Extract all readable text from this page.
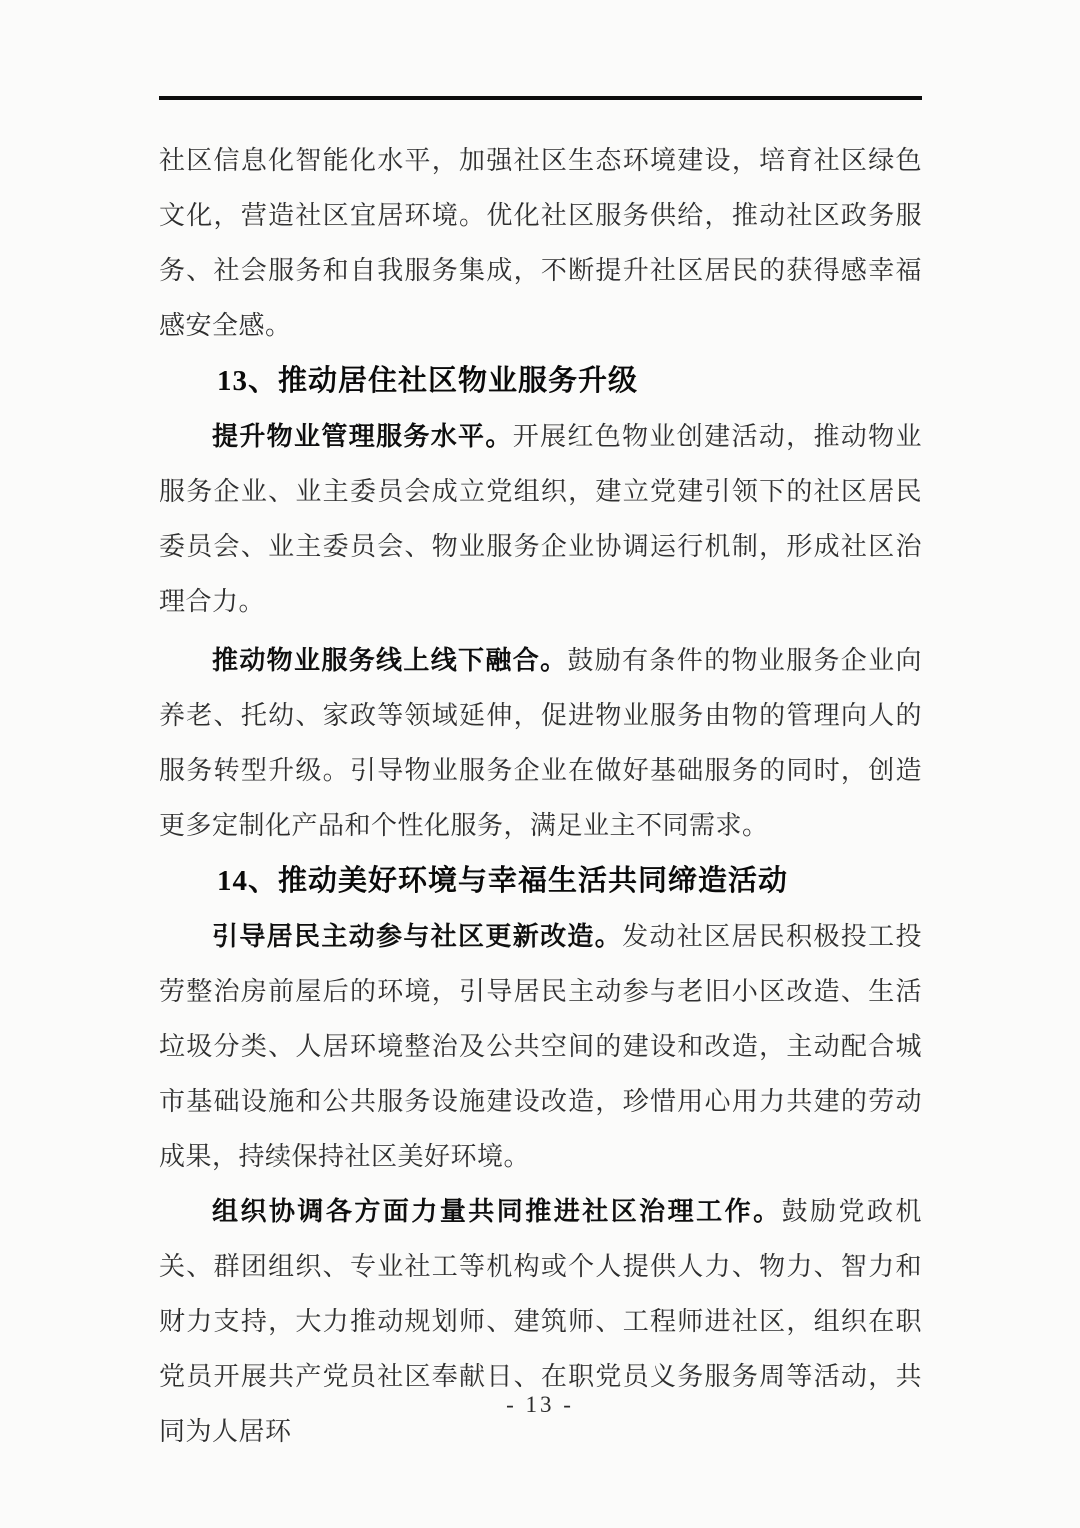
社区信息化智能化水平，加强社区生态环境建设，培育社区绿色文化，营造社区宜居环境。优化社区服务供给，推动社区政务服务、社会服务和自我服务集成，不断提升社区居民的获得感幸福感安全感。

13、推动居住社区物业服务升级

提升物业管理服务水平。开展红色物业创建活动，推动物业服务企业、业主委员会成立党组织，建立党建引领下的社区居民委员会、业主委员会、物业服务企业协调运行机制，形成社区治理合力。

推动物业服务线上线下融合。鼓励有条件的物业服务企业向养老、托幼、家政等领域延伸，促进物业服务由物的管理向人的服务转型升级。引导物业服务企业在做好基础服务的同时，创造更多定制化产品和个性化服务，满足业主不同需求。

14、推动美好环境与幸福生活共同缔造活动

引导居民主动参与社区更新改造。发动社区居民积极投工投劳整治房前屋后的环境，引导居民主动参与老旧小区改造、生活垃圾分类、人居环境整治及公共空间的建设和改造，主动配合城市基础设施和公共服务设施建设改造，珍惜用心用力共建的劳动成果，持续保持社区美好环境。

组织协调各方面力量共同推进社区治理工作。鼓励党政机关、群团组织、专业社工等机构或个人提供人力、物力、智力和财力支持，大力推动规划师、建筑师、工程师进社区，组织在职党员开展共产党员社区奉献日、在职党员义务服务周等活动，共同为人居环

- 13 -
